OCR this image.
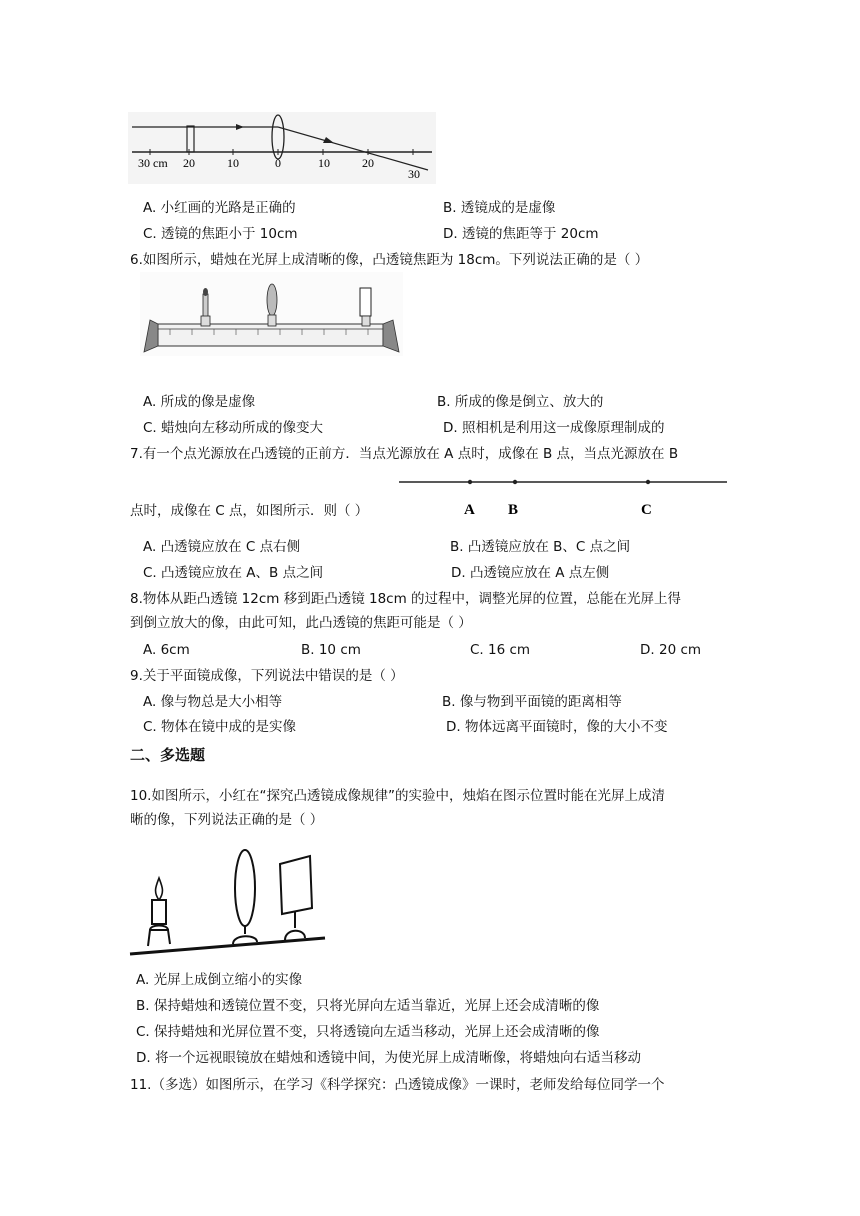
30 cm 20	10	0	10	20
30
A. 小红画的光路是正确的	B. 透镜成的是虚像
C. 透镜的焦距小于 10cm	D. 透镜的焦距等于 20cm
6.如图所示，蜡烛在光屏上成清晰的像，凸透镜焦距为 18cm。下列说法正确的是（ ）
A. 所成的像是虚像	B. 所成的像是倒立、放大的
C. 蜡烛向左移动所成的像变大	D. 照相机是利用这一成像原理制成的
7.有一个点光源放在凸透镜的正前方．当点光源放在 A 点时，成像在 B 点，当点光源放在 B
A B	C
点时，成像在 C 点，如图所示．则（ ）
A. 凸透镜应放在 C 点右侧	B. 凸透镜应放在 B、C 点之间
C. 凸透镜应放在 A、B 点之间	D. 凸透镜应放在 A 点左侧
8.物体从距凸透镜 12cm 移到距凸透镜 18cm 的过程中，调整光屏的位置，总能在光屏上得
到倒立放大的像，由此可知，此凸透镜的焦距可能是（ ）
A. 6cm	B. 10 cm	C. 16 cm	D. 20 cm
9.关于平面镜成像，下列说法中错误的是（ ）
A. 像与物总是大小相等	B. 像与物到平面镜的距离相等
C. 物体在镜中成的是实像	D. 物体远离平面镜时，像的大小不变
二、多选题
10.如图所示，小红在“探究凸透镜成像规律”的实验中，烛焰在图示位置时能在光屏上成清
晰的像，下列说法正确的是（ ）
A. 光屏上成倒立缩小的实像
B. 保持蜡烛和透镜位置不变，只将光屏向左适当靠近，光屏上还会成清晰的像
C. 保持蜡烛和光屏位置不变，只将透镜向左适当移动，光屏上还会成清晰的像
D. 将一个远视眼镜放在蜡烛和透镜中间，为使光屏上成清晰像，将蜡烛向右适当移动
11.（多选）如图所示，在学习《科学探究：凸透镜成像》一课时，老师发给每位同学一个
